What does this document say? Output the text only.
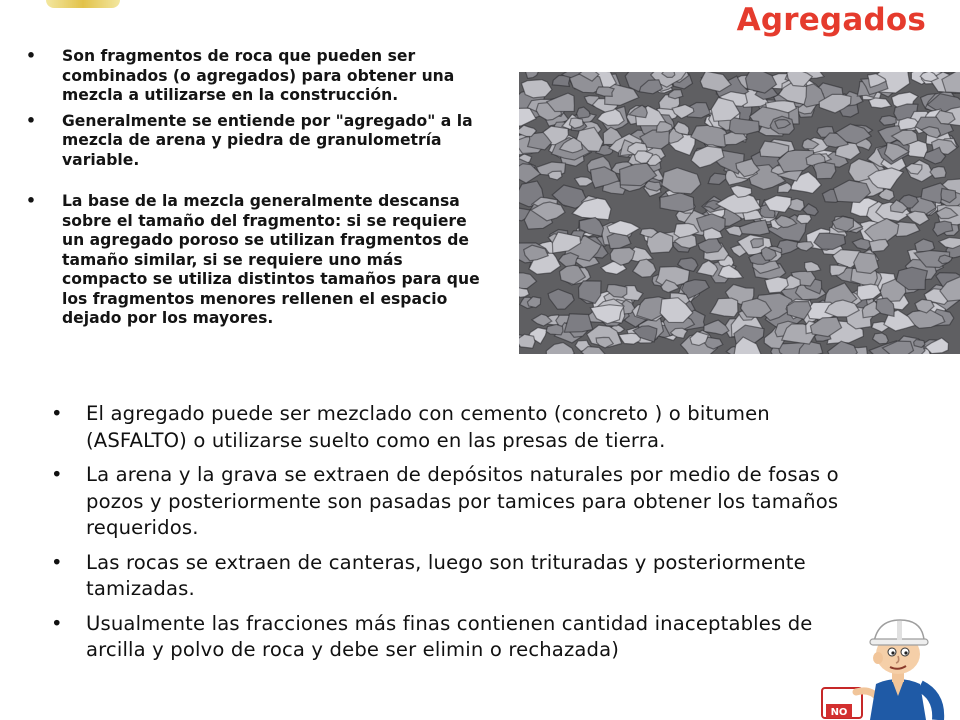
Agregados
• Son fragmentos de roca que pueden ser combinados (o agregados) para obtener una mezcla a utilizarse en la construcción.
• Generalmente se entiende por "agregado" a la mezcla de arena y piedra de granulometría variable.
• La base de la mezcla generalmente descansa sobre el tamaño del fragmento: si se requiere un agregado poroso se utilizan fragmentos de tamaño similar, si se requiere uno más compacto se utiliza distintos tamaños para que los fragmentos menores rellenen el espacio dejado por los mayores.
• El agregado puede ser mezclado con cemento (concreto ) o bitumen (ASFALTO) o utilizarse suelto como en las presas de tierra.
• La arena y la grava se extraen de depósitos naturales por medio de fosas o pozos y posteriormente son pasadas por tamices para obtener los tamaños requeridos.
• Las rocas se extraen de canteras, luego son trituradas y posteriormente tamizadas.
• Usualmente las fracciones más finas contienen cantidad inaceptables de arcilla y polvo de roca y debe ser elimin o rechazada)
NO
